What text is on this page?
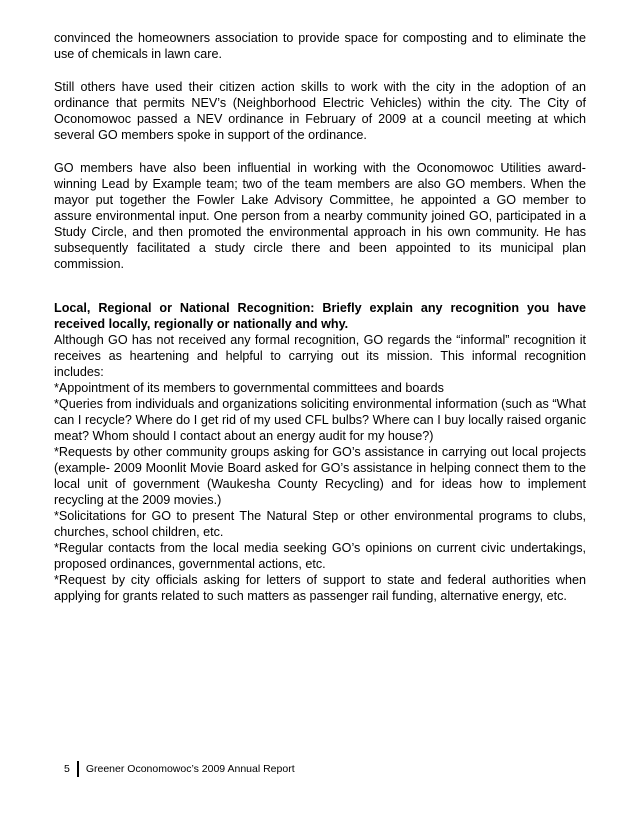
convinced the homeowners association to provide space for composting and to eliminate the use of chemicals in lawn care.

Still others have used their citizen action skills to work with the city in the adoption of an ordinance that permits NEV’s (Neighborhood Electric Vehicles) within the city. The City of Oconomowoc passed a NEV ordinance in February of 2009 at a council meeting at which several GO members spoke in support of the ordinance.

GO members have also been influential in working with the Oconomowoc Utilities award-winning Lead by Example team; two of the team members are also GO members. When the mayor put together the Fowler Lake Advisory Committee, he appointed a GO member to assure environmental input. One person from a nearby community joined GO, participated in a Study Circle, and then promoted the environmental approach in his own community. He has subsequently facilitated a study circle there and been appointed to its municipal plan commission.

Local, Regional or National Recognition: Briefly explain any recognition you have received locally, regionally or nationally and why.

Although GO has not received any formal recognition, GO regards the “informal” recognition it receives as heartening and helpful to carrying out its mission. This informal recognition includes:

*Appointment of its members to governmental committees and boards

*Queries from individuals and organizations soliciting environmental information (such as “What can I recycle? Where do I get rid of my used CFL bulbs? Where can I buy locally raised organic meat? Whom should I contact about an energy audit for my house?)

*Requests by other community groups asking for GO’s assistance in carrying out local projects (example- 2009 Moonlit Movie Board asked for GO’s assistance in helping connect them to the local unit of government (Waukesha County Recycling) and for ideas how to implement recycling at the 2009 movies.)

*Solicitations for GO to present The Natural Step or other environmental programs to clubs, churches, school children, etc.

*Regular contacts from the local media seeking GO’s opinions on current civic undertakings, proposed ordinances, governmental actions, etc.

*Request by city officials asking for letters of support to state and federal authorities when applying for grants related to such matters as passenger rail funding, alternative energy, etc.

5	Greener Oconomowoc’s 2009 Annual Report
